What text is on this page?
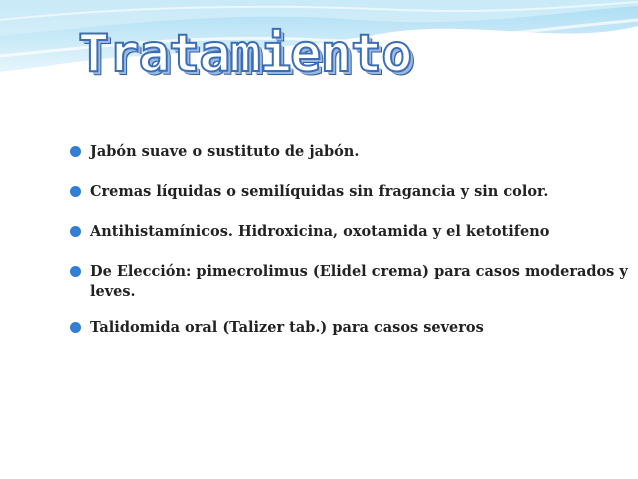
Tratamiento
Jabón suave o sustituto de jabón.
Cremas líquidas o semilíquidas sin fragancia y sin color.
Antihistamínicos. Hidroxicina, oxotamida y el ketotifeno
De Elección: pimecrolimus (Elidel crema) para casos moderados y leves.
Talidomida oral (Talizer tab.) para casos severos
